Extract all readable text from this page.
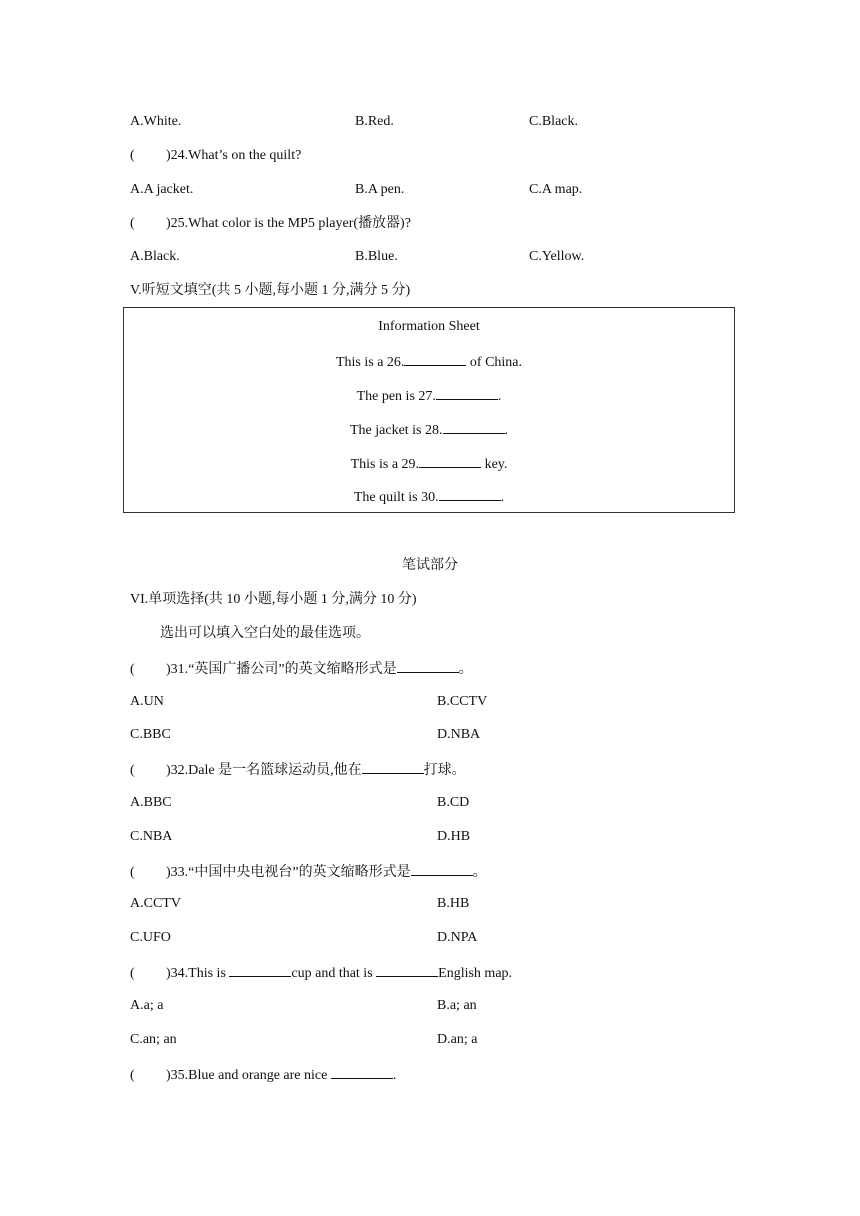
A.White.	B.Red.	C.Black.
( )24.What’s on the quilt?
A.A jacket.	B.A pen.	C.A map.
( )25.What color is the MP5 player(播放器)?
A.Black.	B.Blue.	C.Yellow.
V.听短文填空(共 5 小题,每小题 1 分,满分 5 分)
Information Sheet
This is a 26.	of China.
The pen is 27.	.
The jacket is 28.	.
This is a 29.	key.
The quilt is 30.	.
笔试部分
VI.单项选择(共 10 小题,每小题 1 分,满分 10 分)
选出可以填入空白处的最佳选项。
( )31.“英国广播公司”的英文缩略形式是	。
A.UN	B.CCTV
C.BBC	D.NBA
( )32.Dale 是一名篮球运动员,他在	打球。
A.BBC	B.CD
C.NBA	D.HB
( )33.“中国中央电视台”的英文缩略形式是	。
A.CCTV	B.HB
C.UFO	D.NPA
( )34.This is	cup and that is	English map.
A.a; a	B.a; an
C.an; an	D.an; a
( )35.Blue and orange are nice	.
